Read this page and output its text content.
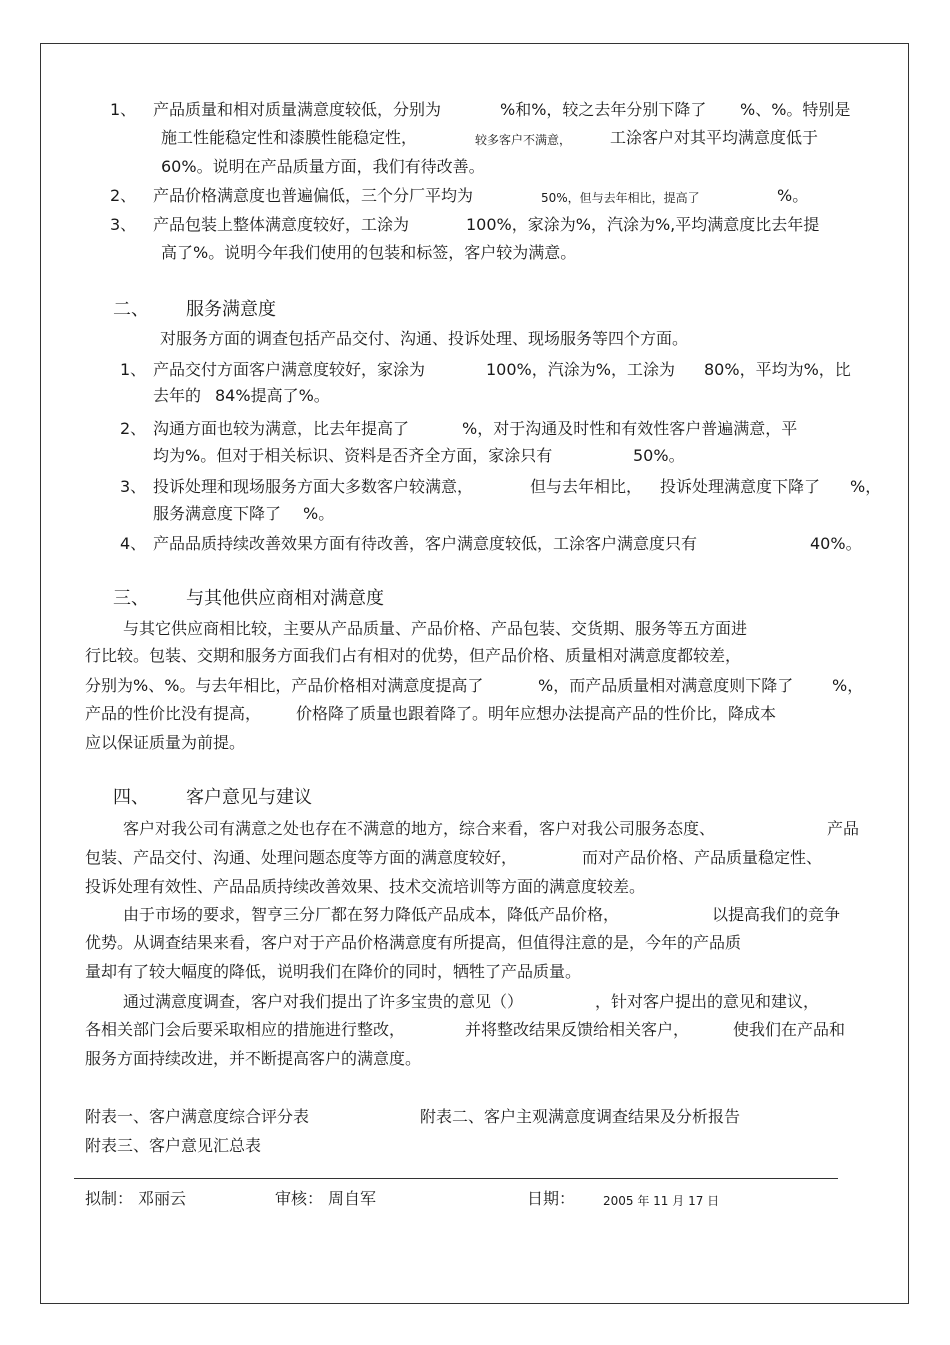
1、 产品质量和相对质量满意度较低，分别为	%和%，较之去年分别下降了 %、%。特别是
施工性能稳定性和漆膜性能稳定性，	较多客户不满意， 工涂客户对其平均满意度低于
60%。说明在产品质量方面，我们有待改善。
2、 产品价格满意度也普遍偏低，三个分厂平均为	50%，但与去年相比，提高了	%。
3、 产品包装上整体满意度较好，工涂为	100%，家涂为%，汽涂为%,平均满意度比去年提
高了%。说明今年我们使用的包装和标签，客户较为满意。
二、 服务满意度
对服务方面的调查包括产品交付、沟通、投诉处理、现场服务等四个方面。
1、 产品交付方面客户满意度较好，家涂为	100%，汽涂为%，工涂为 80%，平均为%，比
去年的 84%提高了%。
2、 沟通方面也较为满意，比去年提高了	%，对于沟通及时性和有效性客户普遍满意，平
均为%。但对于相关标识、资料是否齐全方面，家涂只有	50%。
3、 投诉处理和现场服务方面大多数客户较满意，	但与去年相比， 投诉处理满意度下降了 %，
服务满意度下降了 %。
4、 产品品质持续改善效果方面有待改善，客户满意度较低，工涂客户满意度只有	40%。
三、 与其他供应商相对满意度
与其它供应商相比较，主要从产品质量、产品价格、产品包装、交货期、服务等五方面进
行比较。包装、交期和服务方面我们占有相对的优势，但产品价格、质量相对满意度都较差，
分别为%、%。与去年相比，产品价格相对满意度提高了	%，而产品质量相对满意度则下降了 %，
产品的性价比没有提高， 价格降了质量也跟着降了。明年应想办法提高产品的性价比，降成本
应以保证质量为前提。
四、 客户意见与建议
客户对我公司有满意之处也存在不满意的地方，综合来看，客户对我公司服务态度、	产品
包装、产品交付、沟通、处理问题态度等方面的满意度较好，	而对产品价格、产品质量稳定性、
投诉处理有效性、产品品质持续改善效果、技术交流培训等方面的满意度较差。
由于市场的要求，智亨三分厂都在努力降低产品成本，降低产品价格，	以提高我们的竞争
优势。从调查结果来看，客户对于产品价格满意度有所提高，但值得注意的是，今年的产品质
量却有了较大幅度的降低，说明我们在降价的同时，牺牲了产品质量。
通过满意度调查，客户对我们提出了许多宝贵的意见（）	，针对客户提出的意见和建议，
各相关部门会后要采取相应的措施进行整改，	并将整改结果反馈给相关客户，	使我们在产品和
服务方面持续改进，并不断提高客户的满意度。
附表一、客户满意度综合评分表	附表二、客户主观满意度调查结果及分析报告
附表三、客户意见汇总表
拟制： 邓丽云	审核： 周自军	日期： 2005 年 11 月 17 日
